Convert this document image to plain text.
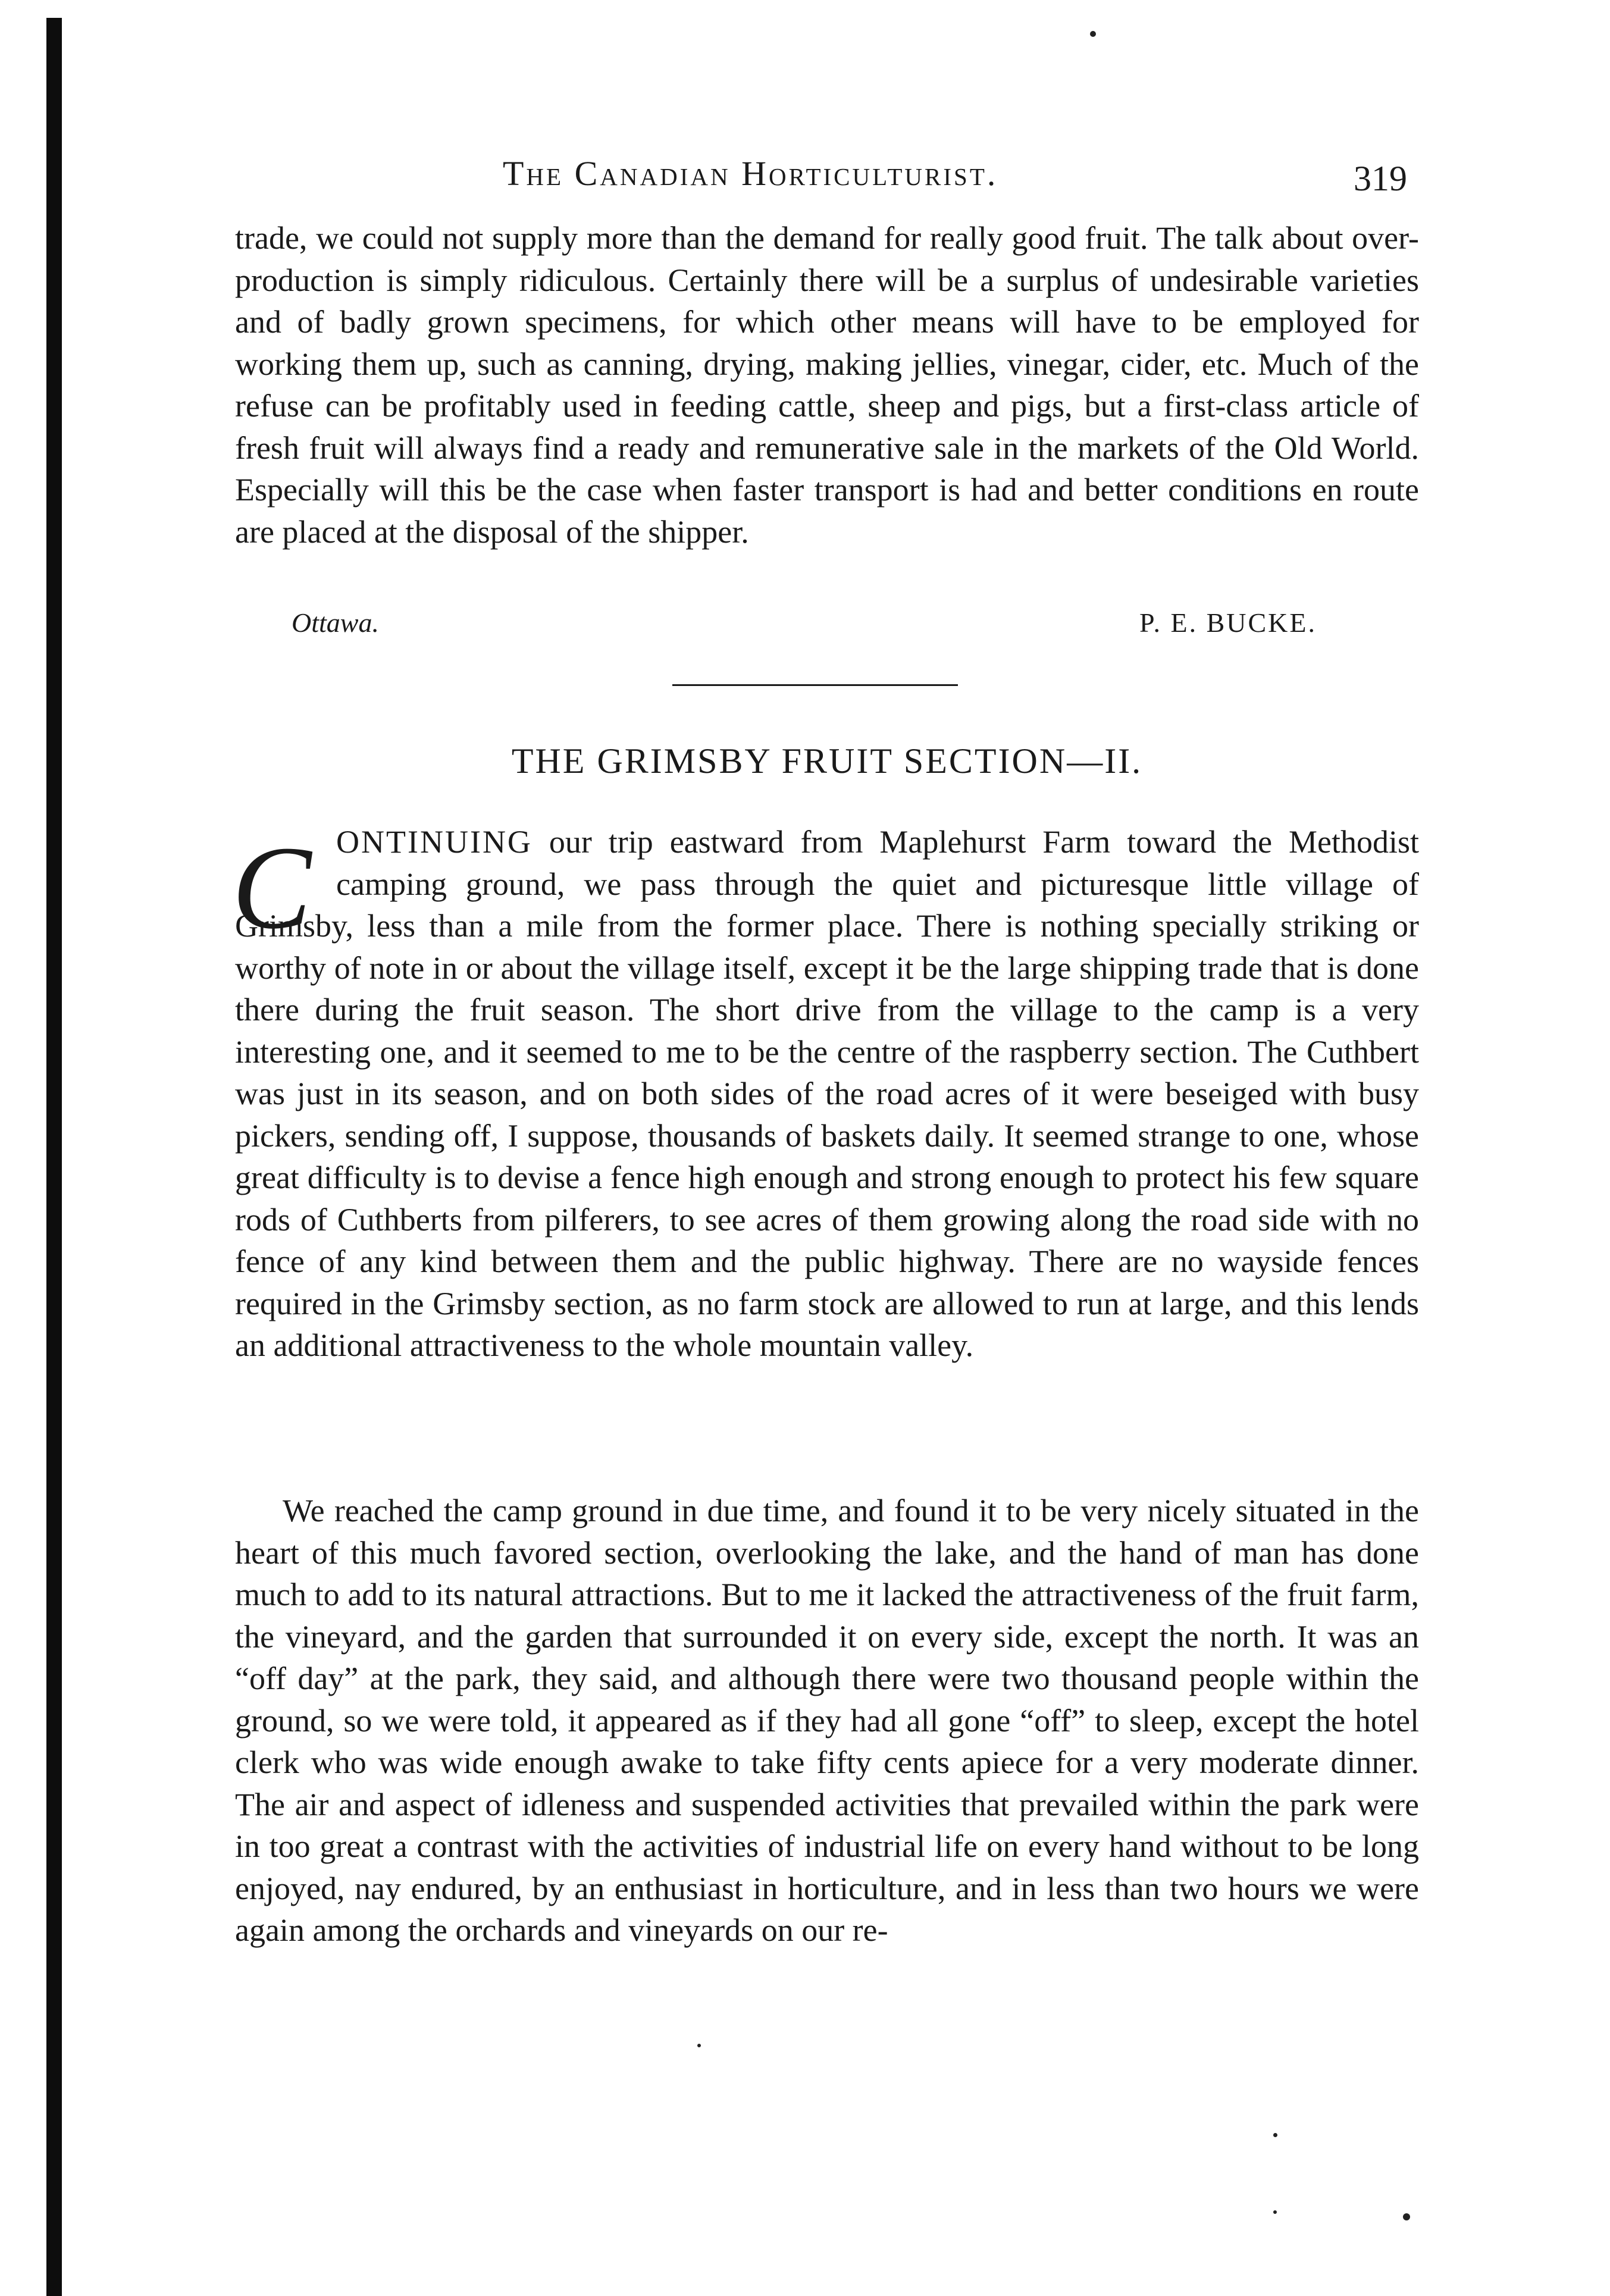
The Canadian Horticulturist.	319

trade, we could not supply more than the demand for really good fruit. The talk about over-production is simply ridiculous. Certainly there will be a surplus of undesirable varieties and of badly grown specimens, for which other means will have to be employed for working them up, such as canning, drying, making jellies, vinegar, cider, etc. Much of the refuse can be profitably used in feeding cattle, sheep and pigs, but a first-class article of fresh fruit will always find a ready and remunerative sale in the markets of the Old World. Especially will this be the case when faster transport is had and better conditions en route are placed at the disposal of the shipper.

Ottawa.	P. E. BUCKE.
THE GRIMSBY FRUIT SECTION—II.
C ONTINUING our trip eastward from Maplehurst Farm toward the Methodist camping ground, we pass through the quiet and picturesque little village of Grimsby, less than a mile from the former place. There is nothing specially striking or worthy of note in or about the village itself, except it be the large shipping trade that is done there during the fruit season. The short drive from the village to the camp is a very interesting one, and it seemed to me to be the centre of the raspberry section. The Cuthbert was just in its season, and on both sides of the road acres of it were beseiged with busy pickers, sending off, I suppose, thousands of baskets daily. It seemed strange to one, whose great difficulty is to devise a fence high enough and strong enough to protect his few square rods of Cuthberts from pilferers, to see acres of them growing along the road side with no fence of any kind between them and the public highway. There are no wayside fences required in the Grimsby section, as no farm stock are allowed to run at large, and this lends an additional attractiveness to the whole mountain valley.

We reached the camp ground in due time, and found it to be very nicely situated in the heart of this much favored section, overlooking the lake, and the hand of man has done much to add to its natural attractions. But to me it lacked the attractiveness of the fruit farm, the vineyard, and the garden that surrounded it on every side, except the north. It was an “off day” at the park, they said, and although there were two thousand people within the ground, so we were told, it appeared as if they had all gone “off” to sleep, except the hotel clerk who was wide enough awake to take fifty cents apiece for a very moderate dinner. The air and aspect of idleness and suspended activities that prevailed within the park were in too great a contrast with the activities of industrial life on every hand without to be long enjoyed, nay endured, by an enthusiast in horticulture, and in less than two hours we were again among the orchards and vineyards on our re-
